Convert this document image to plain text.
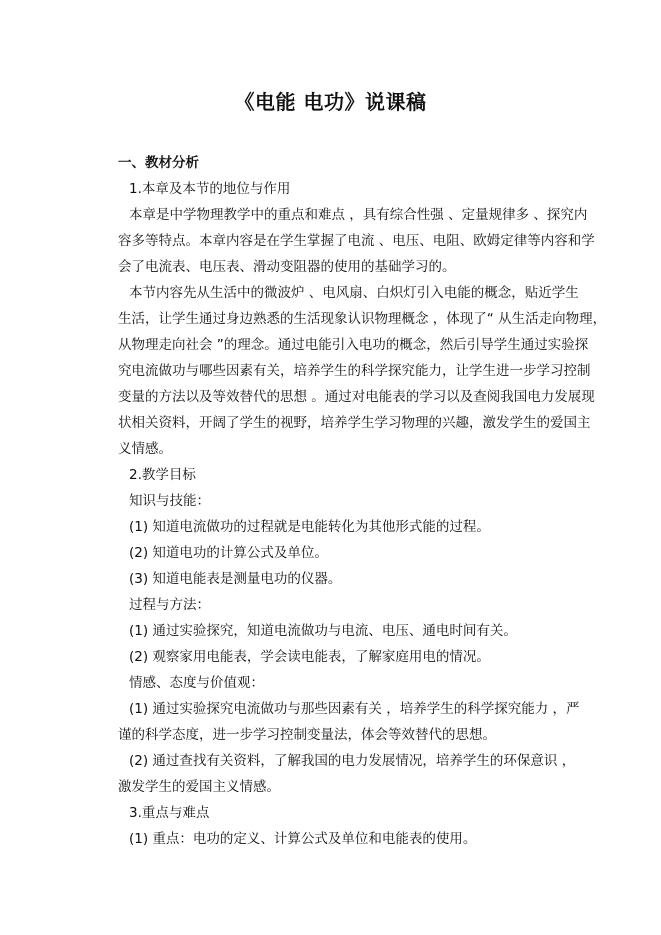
《电能 电功》说课稿
一、教材分析
1.本章及本节的地位与作用
本章是中学物理教学中的重点和难点 ，具有综合性强 、定量规律多 、探究内
容多等特点。本章内容是在学生掌握了电流 、电压、电阻、欧姆定律等内容和学
会了电流表、电压表、滑动变阻器的使用的基础学习的。
本节内容先从生活中的微波炉 、电风扇、白炽灯引入电能的概念，贴近学生
生活，让学生通过身边熟悉的生活现象认识物理概念 ，体现了“ 从生活走向物理，
从物理走向社会 ”的理念。通过电能引入电功的概念，然后引导学生通过实验探
究电流做功与哪些因素有关，培养学生的科学探究能力，让学生进一步学习控制
变量的方法以及等效替代的思想 。通过对电能表的学习以及查阅我国电力发展现
状相关资料，开阔了学生的视野，培养学生学习物理的兴趣，激发学生的爱国主
义情感。
2.教学目标
知识与技能：
(1) 知道电流做功的过程就是电能转化为其他形式能的过程。
(2) 知道电功的计算公式及单位。
(3) 知道电能表是测量电功的仪器。
过程与方法：
(1) 通过实验探究，知道电流做功与电流、电压、通电时间有关。
(2) 观察家用电能表，学会读电能表，了解家庭用电的情况。
情感、态度与价值观：
(1) 通过实验探究电流做功与那些因素有关 ，培养学生的科学探究能力 ，严
谨的科学态度，进一步学习控制变量法，体会等效替代的思想。
(2) 通过查找有关资料，了解我国的电力发展情况，培养学生的环保意识 ，
激发学生的爱国主义情感。
3.重点与难点
(1) 重点：电功的定义、计算公式及单位和电能表的使用。
